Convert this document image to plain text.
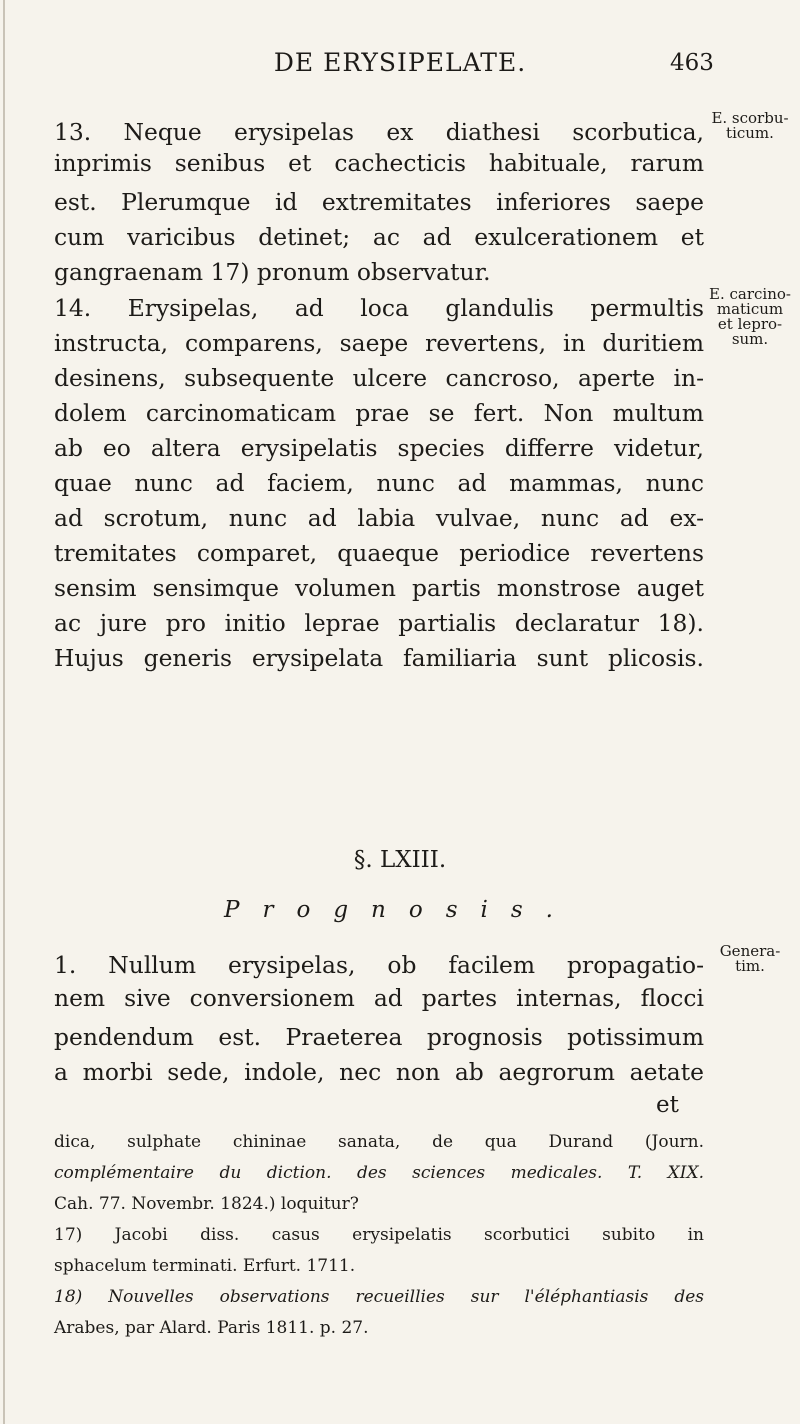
DE ERYSIPELATE.	463
13. Neque erysipelas ex diathesi scorbutica,
inprimis senibus et cachecticis habituale, rarum
est. Plerumque id extremitates inferiores saepe
cum varicibus detinet; ac ad exulcerationem et
gangraenam 17) pronum observatur.
14. Erysipelas, ad loca glandulis permultis
instructa, comparens, saepe revertens, in duritiem
desinens, subsequente ulcere cancroso, aperte in-
dolem carcinomaticam prae se fert. Non multum
ab eo altera erysipelatis species differre videtur,
quae nunc ad faciem, nunc ad mammas, nunc
ad scrotum, nunc ad labia vulvae, nunc ad ex-
tremitates comparet, quaeque periodice revertens
sensim sensimque volumen partis monstrose auget
ac jure pro initio leprae partialis declaratur 18).
Hujus generis erysipelata familiaria sunt plicosis.
E. scorbu-
ticum.
E. carcino-
maticum
et lepro-
sum.
§. LXIII.
Prognosis.
1. Nullum erysipelas, ob facilem propagatio-
nem sive conversionem ad partes internas, flocci
pendendum est. Praeterea prognosis potissimum
a morbi sede, indole, nec non ab aegrorum aetate
Genera-
tim.
et
dica, sulphate chininae sanata, de qua Durand (Journ.
complémentaire du diction. des sciences medicales. T. XIX.
Cah. 77. Novembr. 1824.) loquitur?
17) Jacobi diss. casus erysipelatis scorbutici subito in
sphacelum terminati. Erfurt. 1711.
18) Nouvelles observations recueillies sur l'éléphantiasis des
Arabes, par Alard. Paris 1811. p. 27.
